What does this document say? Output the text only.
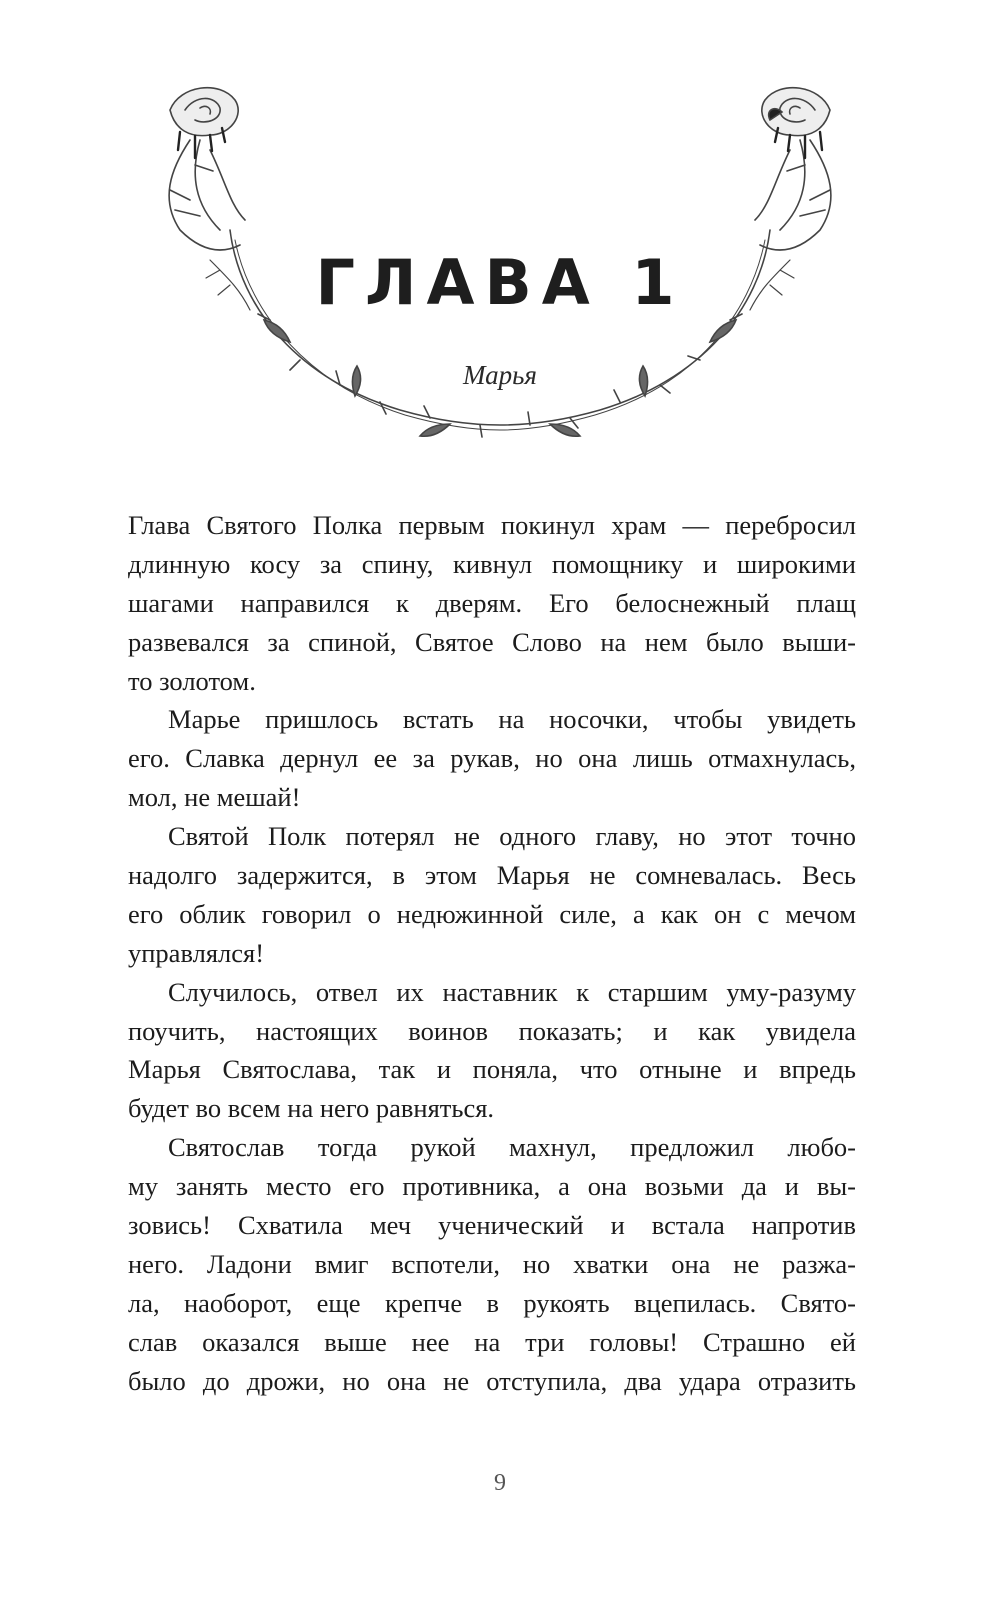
ГЛАВА 1
Марья
Глава Святого Полка первым покинул храм — перебросил
длинную косу за спину, кивнул помощнику и широкими
шагами направился к дверям. Его белоснежный плащ
развевался за спиной, Святое Слово на нем было выши-
то золотом.
Марье пришлось встать на носочки, чтобы увидеть
его. Славка дернул ее за рукав, но она лишь отмахнулась,
мол, не мешай!
Святой Полк потерял не одного главу, но этот точно
надолго задержится, в этом Марья не сомневалась. Весь
его облик говорил о недюжинной силе, а как он с мечом
управлялся!
Случилось, отвел их наставник к старшим уму-разуму
поучить, настоящих воинов показать; и как увидела
Марья Святослава, так и поняла, что отныне и впредь
будет во всем на него равняться.
Святослав тогда рукой махнул, предложил любо-
му занять место его противника, а она возьми да и вы-
зовись! Схватила меч ученический и встала напротив
него. Ладони вмиг вспотели, но хватки она не разжа-
ла, наоборот, еще крепче в рукоять вцепилась. Свято-
слав оказался выше нее на три головы! Страшно ей
было до дрожи, но она не отступила, два удара отразить
9
